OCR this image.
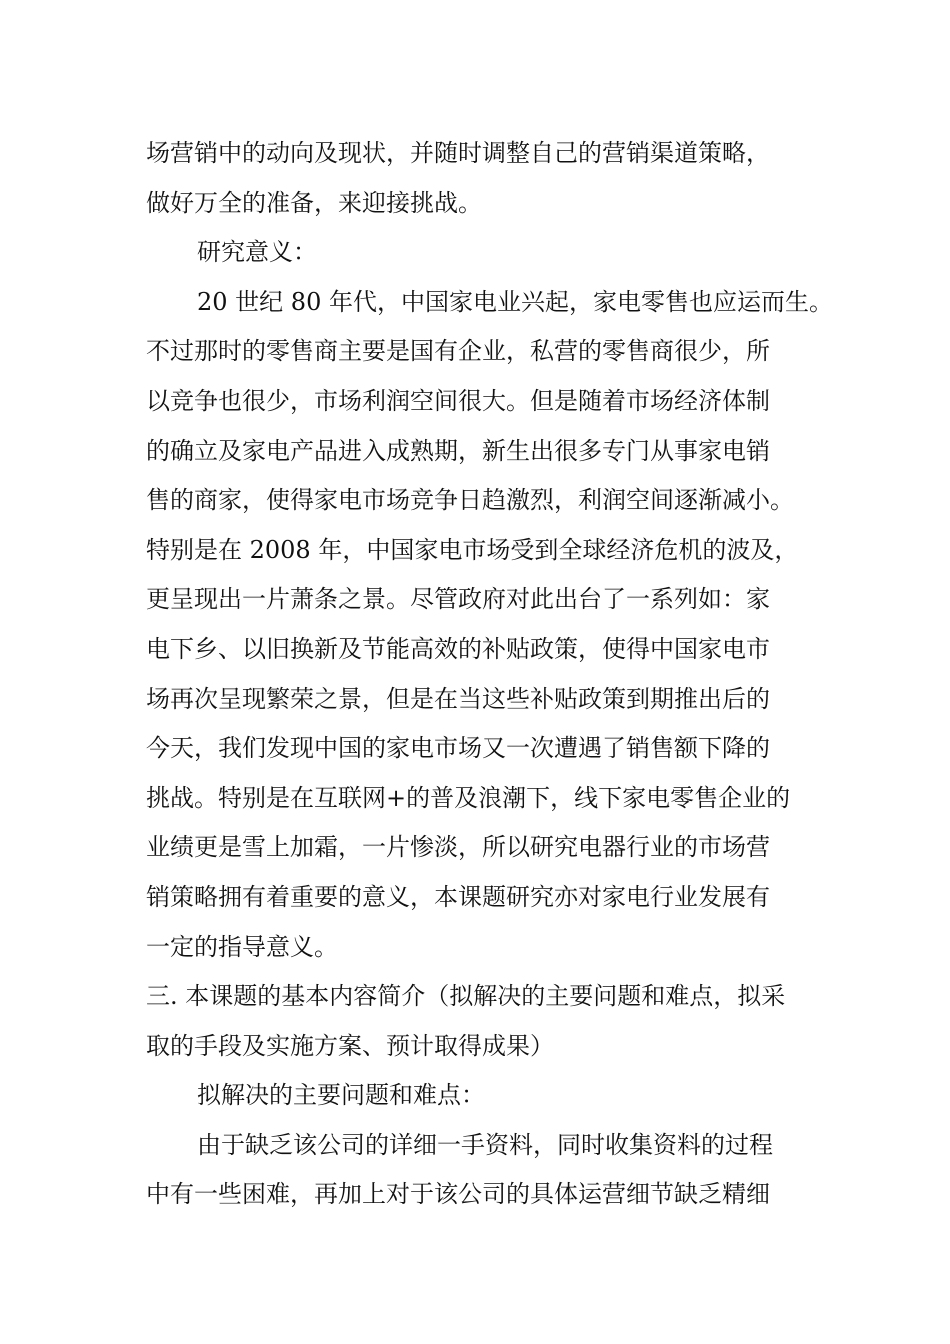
场营销中的动向及现状，并随时调整自己的营销渠道策略，
做好万全的准备，来迎接挑战。
研究意义：
20 世纪 80 年代，中国家电业兴起，家电零售也应运而生。
不过那时的零售商主要是国有企业，私营的零售商很少，所
以竞争也很少，市场利润空间很大。但是随着市场经济体制
的确立及家电产品进入成熟期，新生出很多专门从事家电销
售的商家，使得家电市场竞争日趋激烈，利润空间逐渐减小。
特别是在 2008 年，中国家电市场受到全球经济危机的波及，
更呈现出一片萧条之景。尽管政府对此出台了一系列如：家
电下乡、以旧换新及节能高效的补贴政策，使得中国家电市
场再次呈现繁荣之景，但是在当这些补贴政策到期推出后的
今天，我们发现中国的家电市场又一次遭遇了销售额下降的
挑战。特别是在互联网+的普及浪潮下，线下家电零售企业的
业绩更是雪上加霜，一片惨淡，所以研究电器行业的市场营
销策略拥有着重要的意义，本课题研究亦对家电行业发展有
一定的指导意义。
三. 本课题的基本内容简介（拟解决的主要问题和难点，拟采
取的手段及实施方案、预计取得成果）
拟解决的主要问题和难点：
由于缺乏该公司的详细一手资料，同时收集资料的过程
中有一些困难，再加上对于该公司的具体运营细节缺乏精细
